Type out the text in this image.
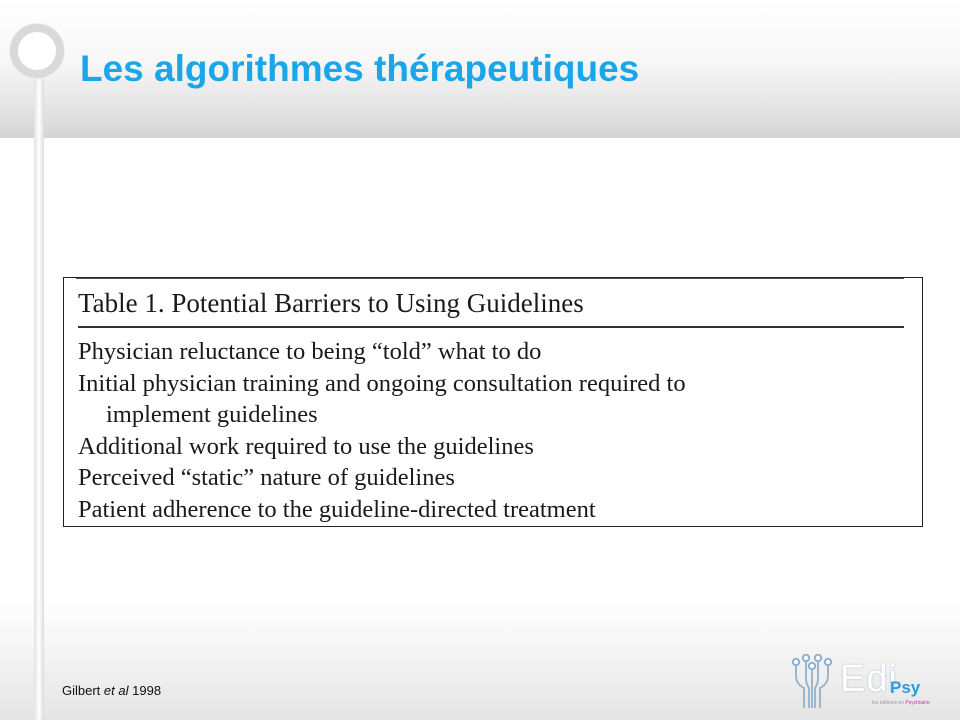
Les algorithmes thérapeutiques
Table 1. Potential Barriers to Using Guidelines
Physician reluctance to being “told” what to do
Initial physician training and ongoing consultation required to
implement guidelines
Additional work required to use the guidelines
Perceived “static” nature of guidelines
Patient adherence to the guideline-directed treatment
Gilbert et al 1998	Edi
Psy
les éditions en Psychiatrie
